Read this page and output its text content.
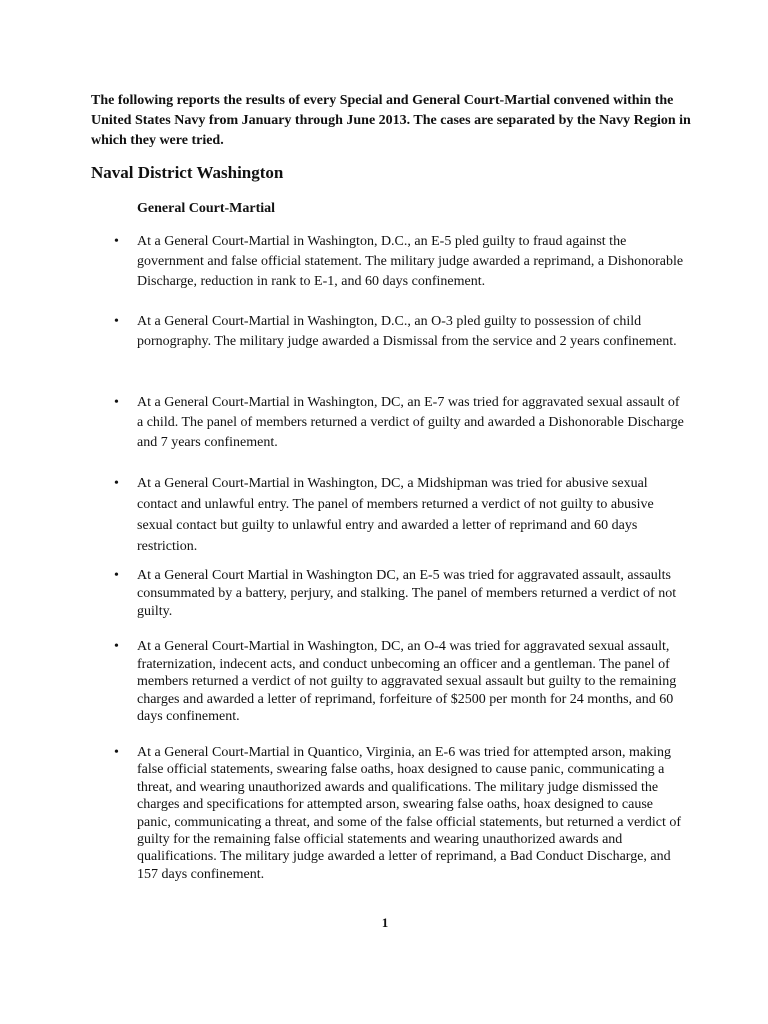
The following reports the results of every Special and General Court-Martial convened within the United States Navy from January through June 2013. The cases are separated by the Navy Region in which they were tried.

Naval District Washington
General Court-Martial
•	At a General Court-Martial in Washington, D.C., an E-5 pled guilty to fraud against the government and false official statement. The military judge awarded a reprimand, a Dishonorable Discharge, reduction in rank to E-1, and 60 days confinement.
•	At a General Court-Martial in Washington, D.C., an O-3 pled guilty to possession of child pornography. The military judge awarded a Dismissal from the service and 2 years confinement.
•	At a General Court-Martial in Washington, DC, an E-7 was tried for aggravated sexual assault of a child. The panel of members returned a verdict of guilty and awarded a Dishonorable Discharge and 7 years confinement.
•	At a General Court-Martial in Washington, DC, a Midshipman was tried for abusive sexual contact and unlawful entry. The panel of members returned a verdict of not guilty to abusive sexual contact but guilty to unlawful entry and awarded a letter of reprimand and 60 days restriction.
•	At a General Court Martial in Washington DC, an E-5 was tried for aggravated assault, assaults consummated by a battery, perjury, and stalking. The panel of members returned a verdict of not guilty.
•	At a General Court-Martial in Washington, DC, an O-4 was tried for aggravated sexual assault, fraternization, indecent acts, and conduct unbecoming an officer and a gentleman. The panel of members returned a verdict of not guilty to aggravated sexual assault but guilty to the remaining charges and awarded a letter of reprimand, forfeiture of $2500 per month for 24 months, and 60 days confinement.
•	At a General Court-Martial in Quantico, Virginia, an E-6 was tried for attempted arson, making false official statements, swearing false oaths, hoax designed to cause panic, communicating a threat, and wearing unauthorized awards and qualifications. The military judge dismissed the charges and specifications for attempted arson, swearing false oaths, hoax designed to cause panic, communicating a threat, and some of the false official statements, but returned a verdict of guilty for the remaining false official statements and wearing unauthorized awards and qualifications. The military judge awarded a letter of reprimand, a Bad Conduct Discharge, and 157 days confinement.
1
